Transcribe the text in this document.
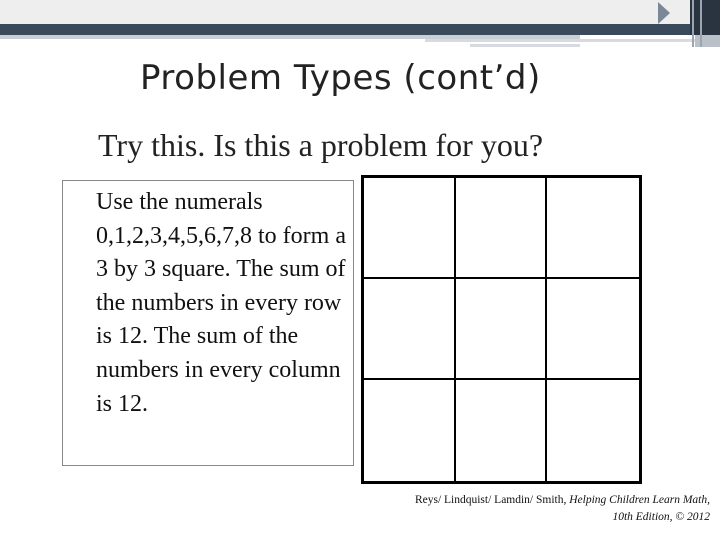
Problem Types (cont’d)
Try this. Is this a problem for you?
Use the numerals 0,1,2,3,4,5,6,7,8 to form a 3 by 3 square. The sum of the numbers in every row is 12. The sum of the numbers in every column is 12.
Reys/ Lindquist/ Lamdin/ Smith, Helping Children Learn Math,
10th Edition, © 2012
